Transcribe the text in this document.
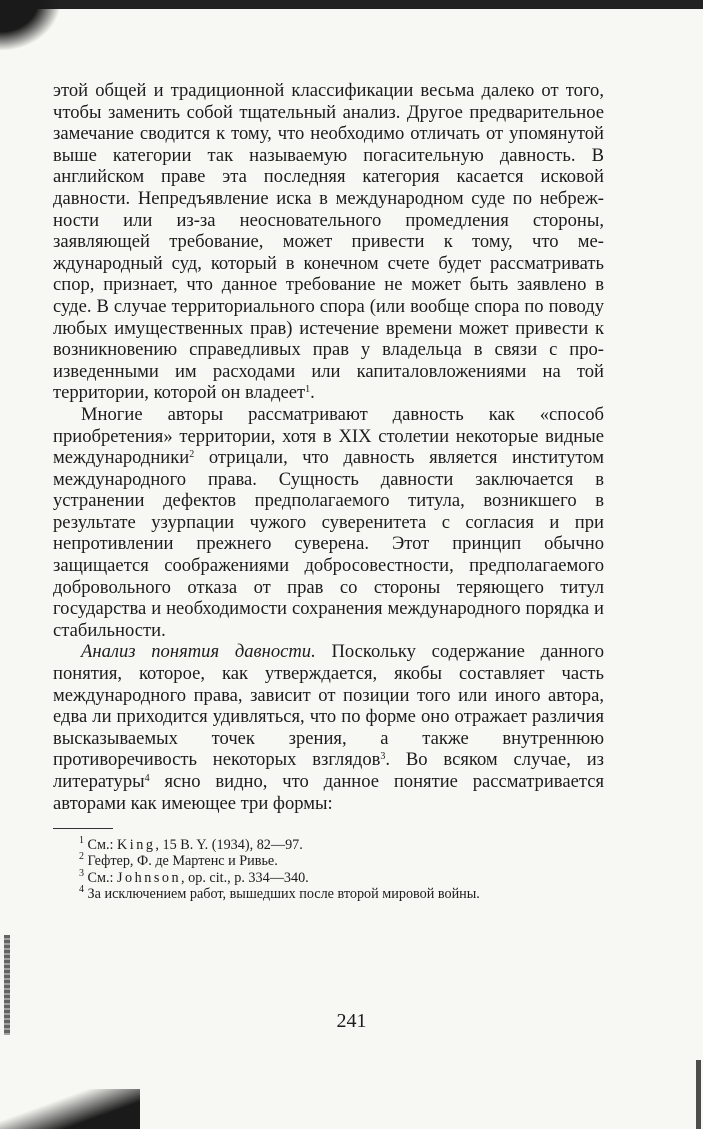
этой общей и традиционной классификации весьма далеко от того, чтобы заменить собой тщательный анализ. Другое предварительное замечание сводится к тому, что необходимо отличать от упомянутой выше категории так называемую погасительную давность. В английском праве эта последняя категория касается исковой давности. Непредъявление иска в международном суде по небрежности или из-за неосновательного промедления стороны, заявляющей требование, может привести к тому, что международный суд, который в конечном счете будет рассматривать спор, признает, что данное требование не может быть заявлено в суде. В случае территориального спора (или вообще спора по поводу любых имущественных прав) истечение времени может привести к возникновению справедливых прав у владельца в связи с произведенными им расходами или капиталовложениями на той территории, которой он владеет$^1$.

Многие авторы рассматривают давность как «способ приобретения» территории, хотя в XIX столетии некоторые видные международники$^2$ отрицали, что давность является институтом международного права. Сущность давности заключается в устранении дефектов предполагаемого титула, возникшего в результате узурпации чужого суверенитета с согласия и при непротивлении прежнего суверена. Этот принцип обычно защищается соображениями добросовестности, предполагаемого добровольного отказа от прав со стороны теряющего титул государства и необходимости сохранения международного порядка и стабильности.

Анализ понятия давности. Поскольку содержание данного понятия, которое, как утверждается, якобы составляет часть международного права, зависит от позиции того или иного автора, едва ли приходится удивляться, что по форме оно отражает различия высказываемых точек зрения, а также внутреннюю противоречивость некоторых взглядов$^3$. Во всяком случае, из литературы$^4$ ясно видно, что данное понятие рассматривается авторами как имеющее три формы:

$^1$ См.: King, 15 B. Y. (1934), 82—97.

$^2$ Гефтер, Ф. де Мартенс и Ривье.

$^3$ См.: Johnson, op. cit., p. 334—340.

$^4$ За исключением работ, вышедших после второй мировой войны.

241
